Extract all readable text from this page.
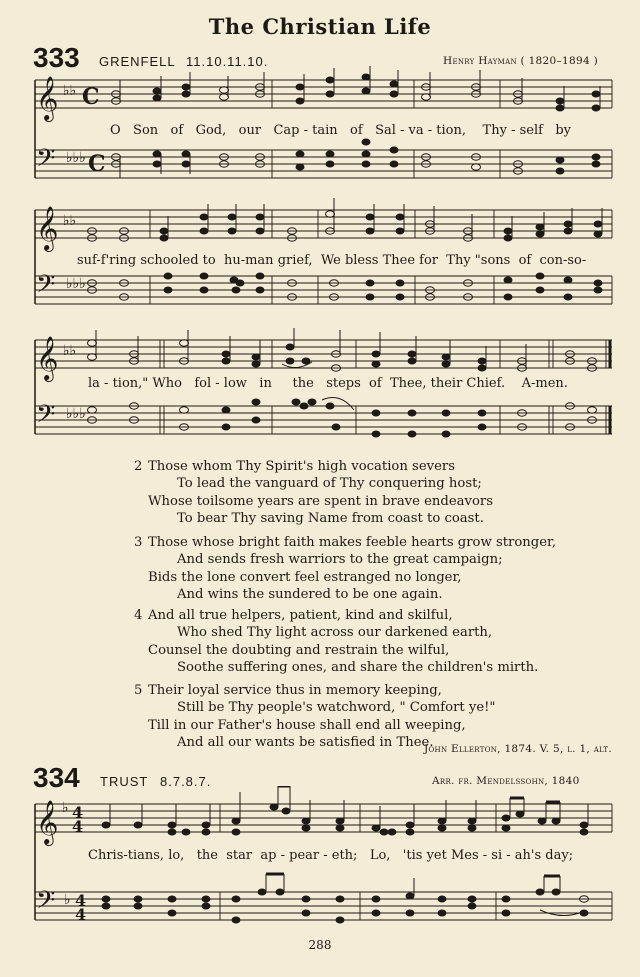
The Christian Life
333 GRENFELL 11.10.11.10.	Henry Hayman ( 1820–1894 )
𝄞
𝄢
♭♭
♭♭♭
C
C
O   Son   of   God,   our   Cap - tain   of   Sal - va - tion,    Thy - self   by
𝄞
𝄢
♭♭
♭♭♭
suf-f'ring schooled to  hu-man grief,  We bless Thee for  Thy "sons  of  con-so-
𝄞
𝄢
♭♭
♭♭♭
la - tion," Who   fol - low   in     the   steps  of  Thee, their Chief.    A-men.
2 Those whom Thy Spirit's high vocation severs
To lead the vanguard of Thy conquering host;
Whose toilsome years are spent in brave endeavors
To bear Thy saving Name from coast to coast.
3 Those whose bright faith makes feeble hearts grow stronger,
And sends fresh warriors to the great campaign;
Bids the lone convert feel estranged no longer,
And wins the sundered to be one again.
4 And all true helpers, patient, kind and skilful,
Who shed Thy light across our darkened earth,
Counsel the doubting and restrain the wilful,
Soothe suffering ones, and share the children's mirth.
5 Their loyal service thus in memory keeping,
Still be Thy people's watchword, " Comfort ye!"
Till in our Father's house shall end all weeping,
And all our wants be satisfied in Thee.
John Ellerton, 1874. V. 5, l. 1, alt.
334 TRUST 8.7.8.7.	Arr. fr. Mendelssohn, 1840
𝄞
𝄢
♭
♭
4
4
4
4
Chris-tians, lo,   the  star  ap - pear - eth;   Lo,   'tis yet Mes - si - ah's day;
288
